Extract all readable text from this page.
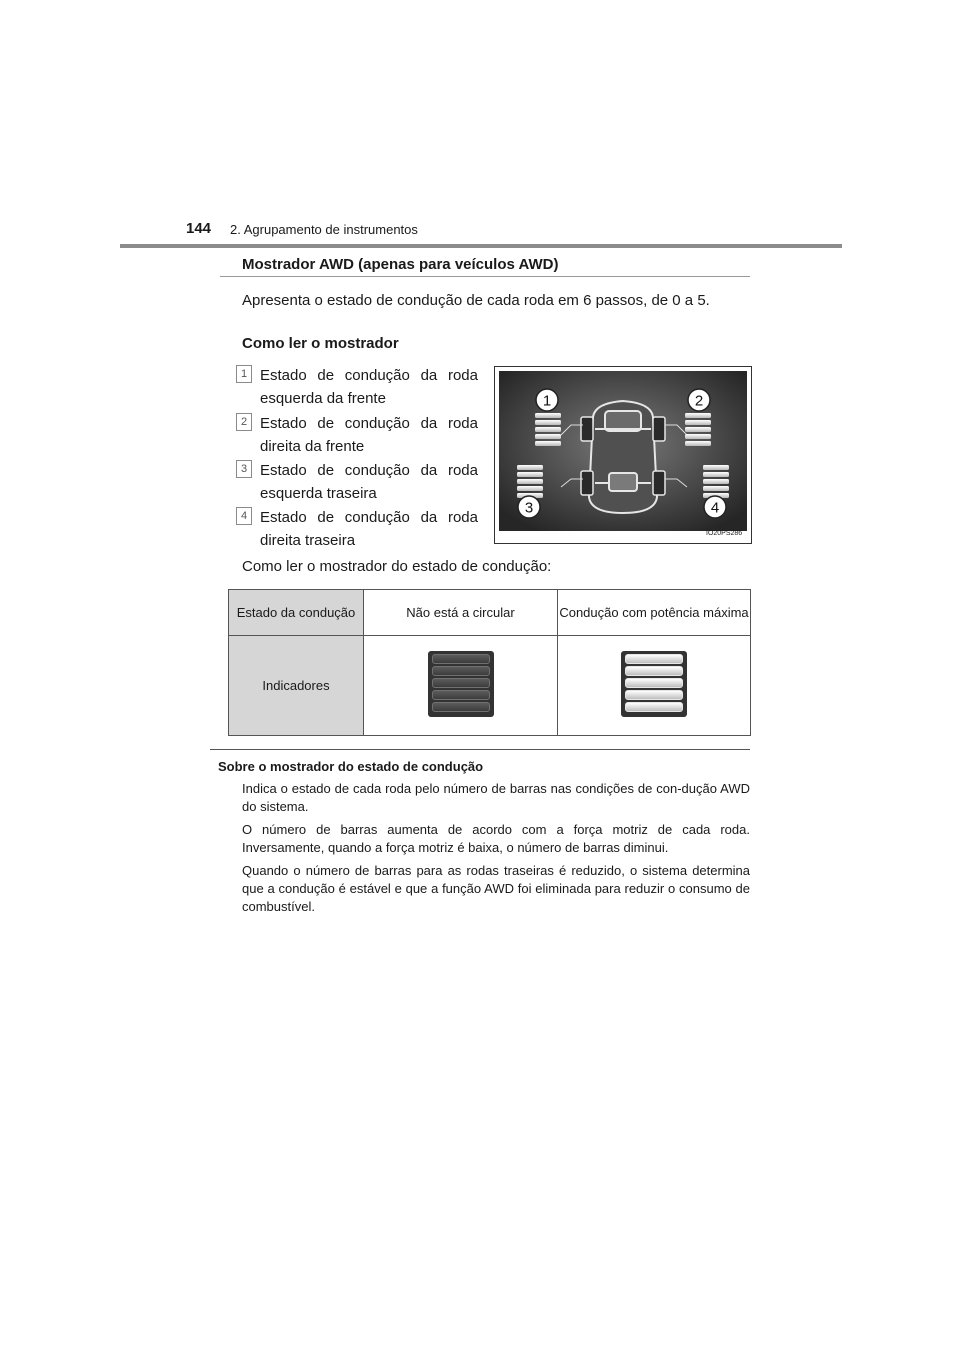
144 2. Agrupamento de instrumentos
Mostrador AWD (apenas para veículos AWD)
Apresenta o estado de condução de cada roda em 6 passos, de 0 a 5.
Como ler o mostrador
1 Estado de condução da roda esquerda da frente
2 Estado de condução da roda direita da frente
3 Estado de condução da roda esquerda traseira
4 Estado de condução da roda direita traseira
1	2
3	4
IO20PS286
Como ler o mostrador do estado de condução:
Estado da condução	Não está a circular	Condução com potência máxima
Indicadores	

Sobre o mostrador do estado de condução
Indica o estado de cada roda pelo número de barras nas condições de con-dução AWD do sistema.
O número de barras aumenta de acordo com a força motriz de cada roda. Inversamente, quando a força motriz é baixa, o número de barras diminui.
Quando o número de barras para as rodas traseiras é reduzido, o sistema determina que a condução é estável e que a função AWD foi eliminada para reduzir o consumo de combustível.
